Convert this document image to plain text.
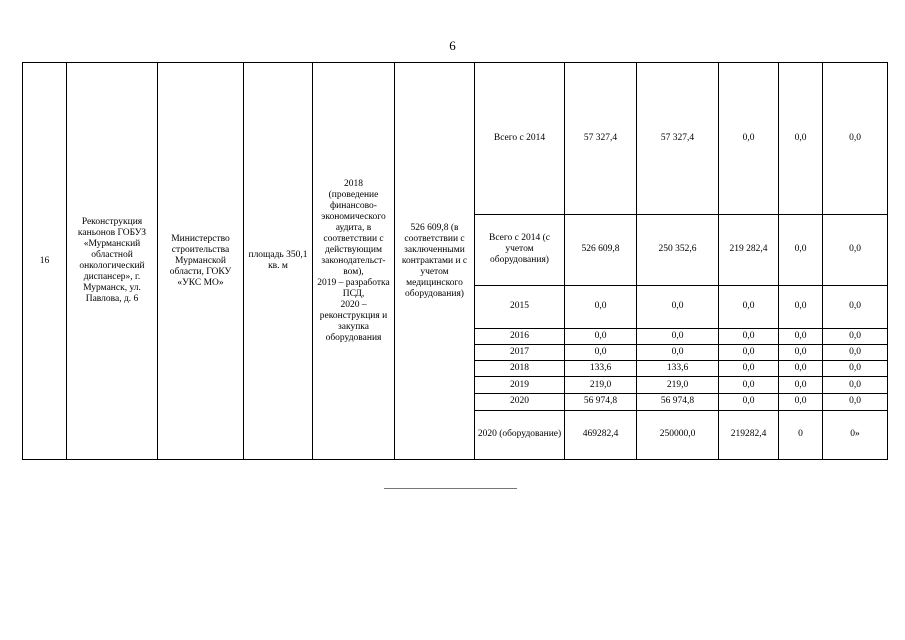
6
16	Реконструкция каньонов ГОБУЗ «Мурманский областной онкологический диспансер», г. Мурманск, ул. Павлова, д. 6	Министерство строительства Мурманской области, ГОКУ «УКС МО»	площадь 350,1 кв. м	2018
(проведение финансово-экономического аудита, в соответствии с действующим законодательст-вом),
2019 – разработка ПСД,
2020 – реконструкция и закупка оборудования	526 609,8 (в соответствии с заключенными контрактами и с учетом медицинского оборудования)	Всего с 2014	57 327,4	57 327,4	0,0	0,0	0,0
						Всего с 2014 (с учетом оборудования)	526 609,8	250 352,6	219 282,4	0,0	0,0
						2015	0,0	0,0	0,0	0,0	0,0
						2016	0,0	0,0	0,0	0,0	0,0
						2017	0,0	0,0	0,0	0,0	0,0
						2018	133,6	133,6	0,0	0,0	0,0
						2019	219,0	219,0	0,0	0,0	0,0
						2020	56 974,8	56 974,8	0,0	0,0	0,0
						2020 (оборудование)	469282,4	250000,0	219282,4	0	0»
